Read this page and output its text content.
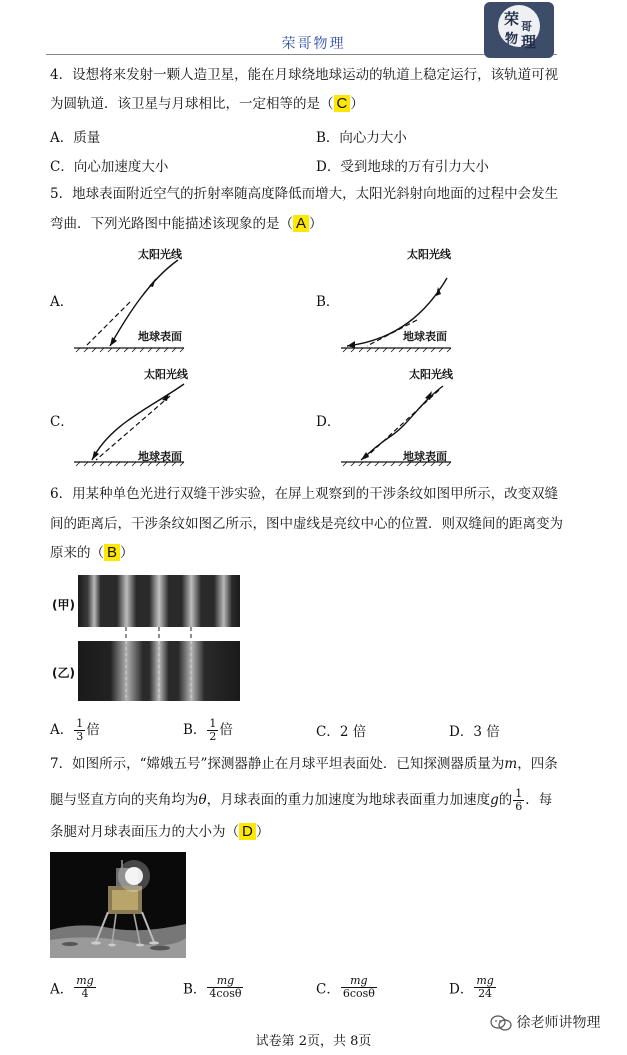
荣哥物理
荣 哥
物 理
4．设想将来发射一颗人造卫星，能在月球绕地球运动的轨道上稳定运行，该轨道可视
为圆轨道．该卫星与月球相比，一定相等的是（ C ）
A．质量	B．向心力大小
C．向心加速度大小	D．受到地球的万有引力大小
5．地球表面附近空气的折射率随高度降低而增大，太阳光斜射向地面的过程中会发生
弯曲．下列光路图中能描述该现象的是（ A ）
A．
太阳光线
地球表面
B．
太阳光线
地球表面
C．
太阳光线
地球表面
D．
太阳光线
地球表面
6．用某种单色光进行双缝干涉实验，在屏上观察到的干涉条纹如图甲所示，改变双缝
间的距离后，干涉条纹如图乙所示，图中虚线是亮纹中心的位置．则双缝间的距离变为
原来的（ B ）
(甲)
(乙)
A． $\frac{1}{3}$ 倍	B． $\frac{1}{2}$ 倍	C．2 倍	D．3 倍
7．如图所示，“嫦娥五号”探测器静止在月球平坦表面处．已知探测器质量为m，四条
腿与竖直方向的夹角均为θ，月球表面的重力加速度为地球表面重力加速度g的 $\frac{1}{6}$ ．每
条腿对月球表面压力的大小为（ D ）
A． $\frac{mg}{4}$	B． $\frac{mg}{4\cos\theta}$	C． $\frac{mg}{6\cos\theta}$	D． $\frac{mg}{24}$
试卷第 2页，共 8页
徐老师讲物理
